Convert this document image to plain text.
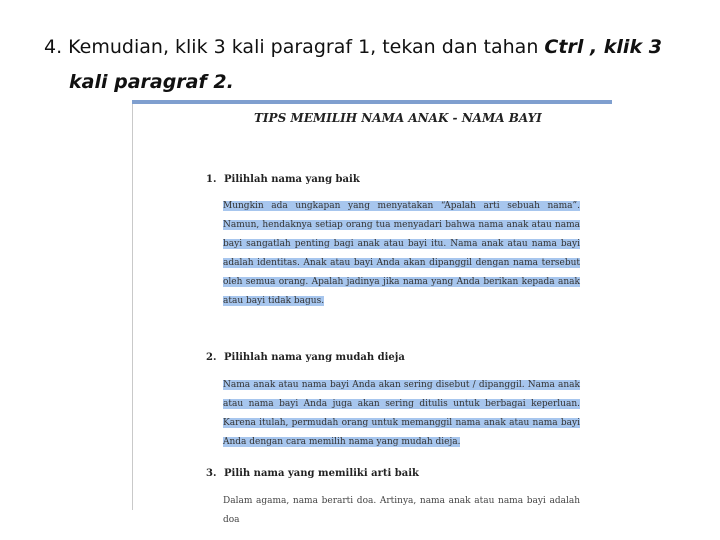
4. Kemudian, klik 3 kali paragraf 1, tekan dan tahan Ctrl , klik 3
kali paragraf 2.
TIPS MEMILIH NAMA ANAK - NAMA BAYI
1. Pilihlah nama yang baik
Mungkin ada ungkapan yang menyatakan “Apalah arti sebuah nama”. Namun, hendaknya setiap orang tua menyadari bahwa nama anak atau nama bayi sangatlah penting bagi anak atau bayi itu. Nama anak atau nama bayi adalah identitas. Anak atau bayi Anda akan dipanggil dengan nama tersebut oleh semua orang. Apalah jadinya jika nama yang Anda berikan kepada anak atau bayi tidak bagus.
2. Pilihlah nama yang mudah dieja
Nama anak atau nama bayi Anda akan sering disebut / dipanggil. Nama anak atau nama bayi Anda juga akan sering ditulis untuk berbagai keperluan. Karena itulah, permudah orang untuk memanggil nama anak atau nama bayi Anda dengan cara memilih nama yang mudah dieja.
3. Pilih nama yang memiliki arti baik
Dalam agama, nama berarti doa. Artinya, nama anak atau nama bayi adalah doa
